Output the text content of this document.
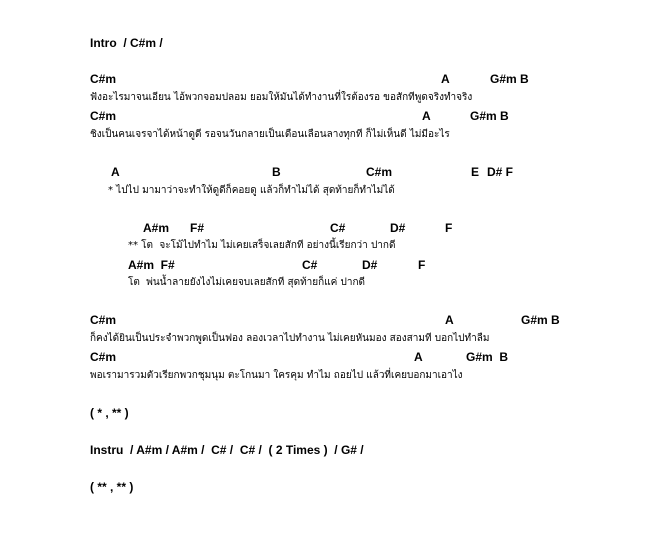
Intro  / C#m /
C#m	A	G#m B
ฟังอะไรมาจนเอียน ไอ้พวกจอมปลอม ยอมให้มันได้ทำงานที่ใรต้องรอ ขอสักทีพูดจริงทำจริง
C#m	A	G#m B
ชิงเป็นคนเจรจาได้หน้าดูดี รอจนวันกลายเป็นเดือนเลือนลางทุกที ก็ไม่เห็นดี ไม่มีอะไร
A	B	C#m	E D# F
* ไปไป มามาว่าจะทำให้ดูดีก็คอยดู แล้วก็ทำไม่ได้ สุดท้ายก็ทำไม่ได้
A#m F#	C#	D#	F
** โต  จะโม้ไปทำไม ไม่เคยเสร็จเลยสักที อย่างนี้เรียกว่า ปากดี
A#m  F#	C#	D#	F
โต  พ่นน้ำลายยังไงไม่เคยจบเลยสักที สุดท้ายก็แค่ ปากดี
C#m	A	G#m B
ก็คงได้ยินเป็นประจำพวกพูดเป็นฟอง ลองเวลาไปทำงาน ไม่เคยหันมอง สองสามที บอกไปทำลืม
C#m	A	G#m  B
พอเรามารวมตัวเรียกพวกชุมนุม ตะโกนมา ใครคุม ทำไม ถอยไป แล้วที่เคยบอกมาเอาไง
( * , ** )
Instru  / A#m / A#m /  C# /  C# /  ( 2 Times )  / G# /
( ** , ** )
